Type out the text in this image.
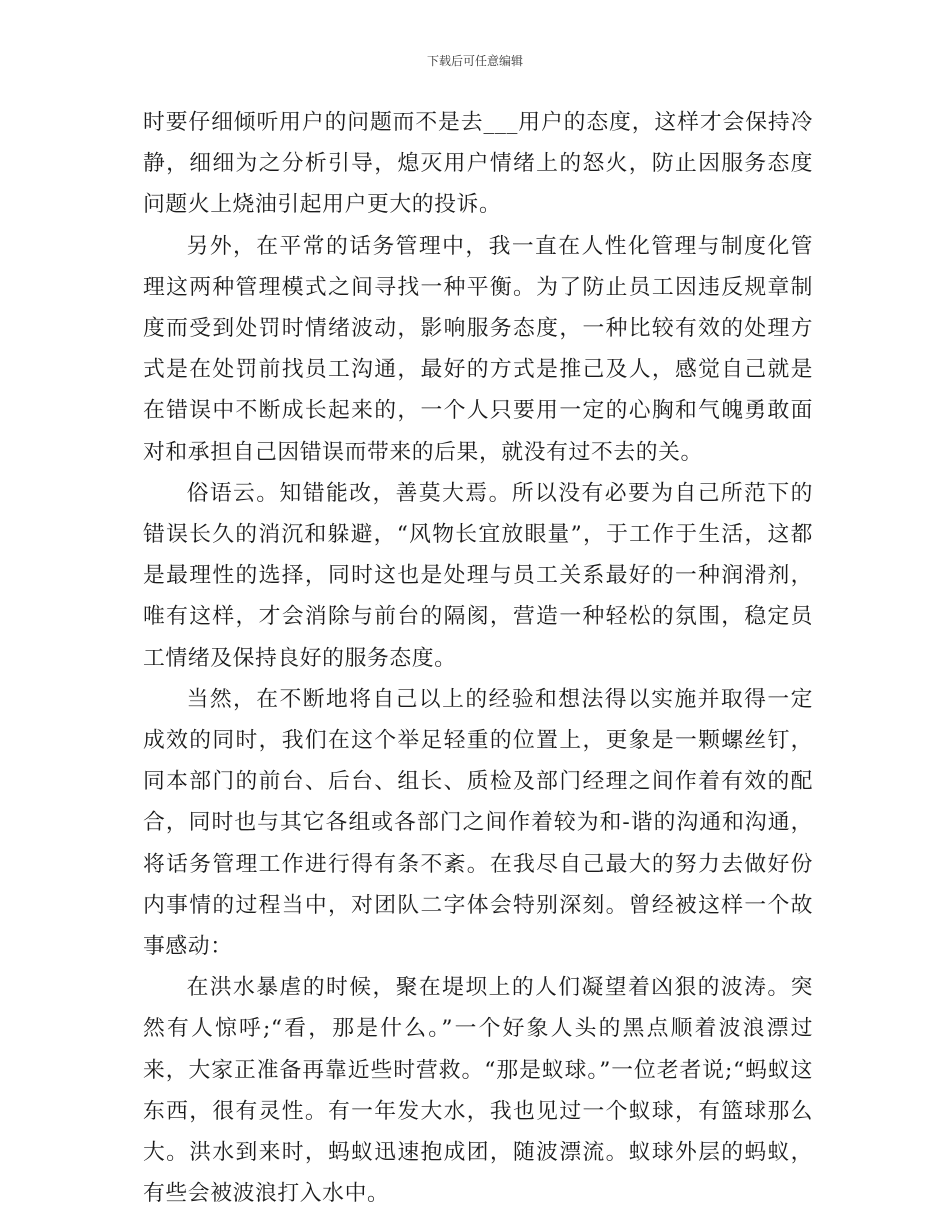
下载后可任意编辑

时要仔细倾听用户的问题而不是去___用户的态度，这样才会保持冷静，细细为之分析引导，熄灭用户情绪上的怒火，防止因服务态度问题火上烧油引起用户更大的投诉。

另外，在平常的话务管理中，我一直在人性化管理与制度化管理这两种管理模式之间寻找一种平衡。为了防止员工因违反规章制度而受到处罚时情绪波动，影响服务态度，一种比较有效的处理方式是在处罚前找员工沟通，最好的方式是推己及人，感觉自己就是在错误中不断成长起来的，一个人只要用一定的心胸和气魄勇敢面对和承担自己因错误而带来的后果，就没有过不去的关。

俗语云。知错能改，善莫大焉。所以没有必要为自己所范下的错误长久的消沉和躲避，“风物长宜放眼量”，于工作于生活，这都是最理性的选择，同时这也是处理与员工关系最好的一种润滑剂，唯有这样，才会消除与前台的隔阂，营造一种轻松的氛围，稳定员工情绪及保持良好的服务态度。

当然，在不断地将自己以上的经验和想法得以实施并取得一定成效的同时，我们在这个举足轻重的位置上，更象是一颗螺丝钉，同本部门的前台、后台、组长、质检及部门经理之间作着有效的配合，同时也与其它各组或各部门之间作着较为和-谐的沟通和沟通，将话务管理工作进行得有条不紊。在我尽自己最大的努力去做好份内事情的过程当中，对团队二字体会特别深刻。曾经被这样一个故事感动：

在洪水暴虐的时候，聚在堤坝上的人们凝望着凶狠的波涛。突然有人惊呼;“看，那是什么。”一个好象人头的黑点顺着波浪漂过来，大家正准备再靠近些时营救。“那是蚁球。”一位老者说;“蚂蚁这东西，很有灵性。有一年发大水，我也见过一个蚁球，有篮球那么大。洪水到来时，蚂蚁迅速抱成团，随波漂流。蚁球外层的蚂蚁，有些会被波浪打入水中。
